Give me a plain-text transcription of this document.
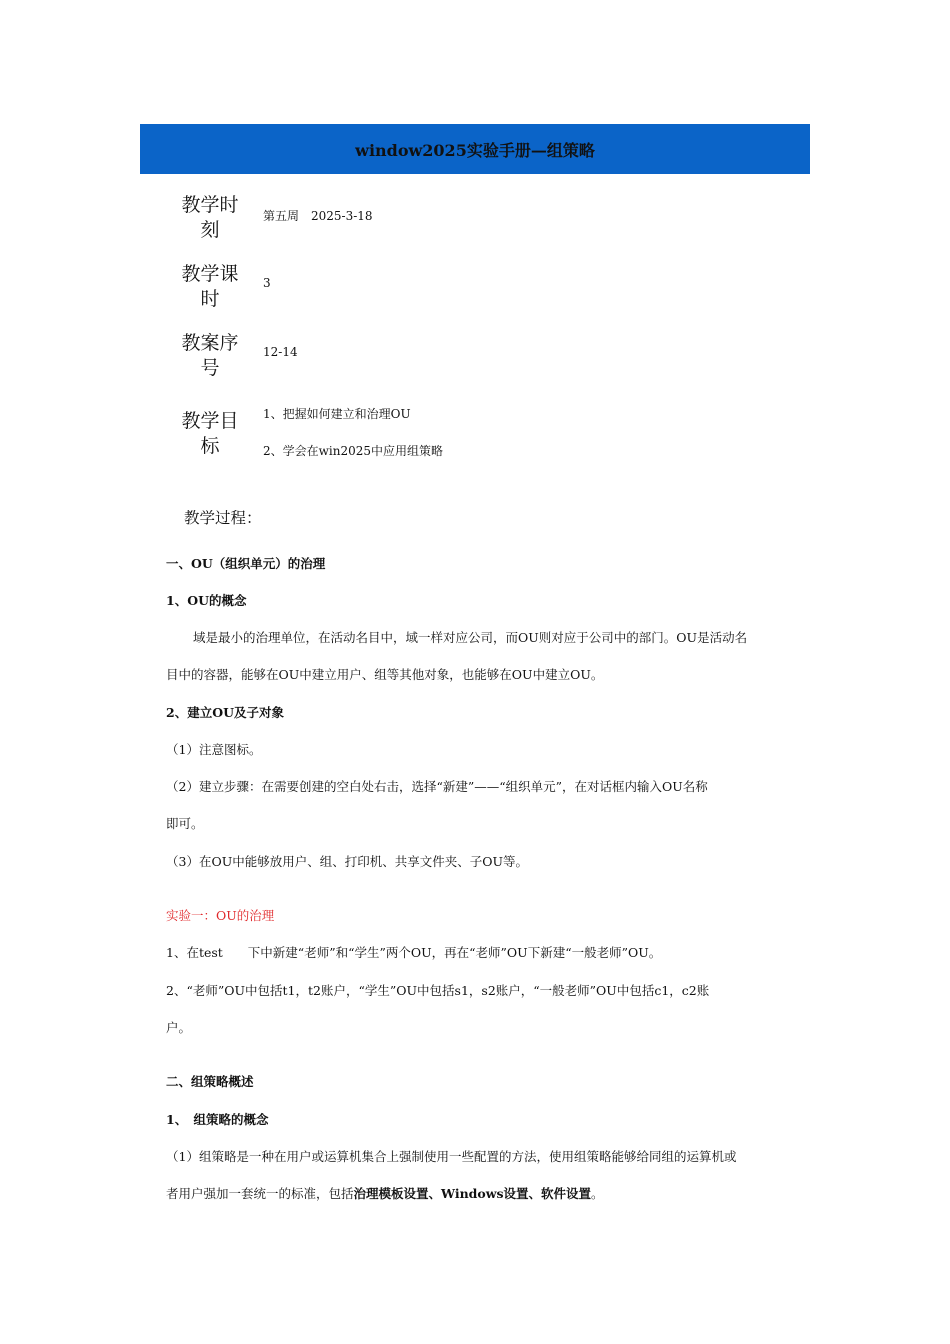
window2025实验手册—组策略
教学时
刻
第五周　2025-3-18
教学课
时
3
教案序
号
12-14
教学目
标
1、把握如何建立和治理OU
2、学会在win2025中应用组策略
教学过程：
一、OU（组织单元）的治理
1、OU的概念
域是最小的治理单位，在活动名目中，域一样对应公司，而OU则对应于公司中的部门。OU是活动名
目中的容器，能够在OU中建立用户、组等其他对象，也能够在OU中建立OU。
2、建立OU及子对象
（1）注意图标。
（2）建立步骤：在需要创建的空白处右击，选择“新建”——“组织单元”，在对话框内输入OU名称
即可。
（3）在OU中能够放用户、组、打印机、共享文件夹、子OU等。
实验一：OU的治理
1、在test　　下中新建“老师”和“学生”两个OU，再在“老师”OU下新建“一般老师”OU。
2、“老师”OU中包括t1，t2账户，“学生”OU中包括s1，s2账户，“一般老师”OU中包括c1，c2账
户。
二、组策略概述
1、　组策略的概念
（1）组策略是一种在用户或运算机集合上强制使用一些配置的方法，使用组策略能够给同组的运算机或
者用户强加一套统一的标准，包括治理模板设置、Windows设置、软件设置。
